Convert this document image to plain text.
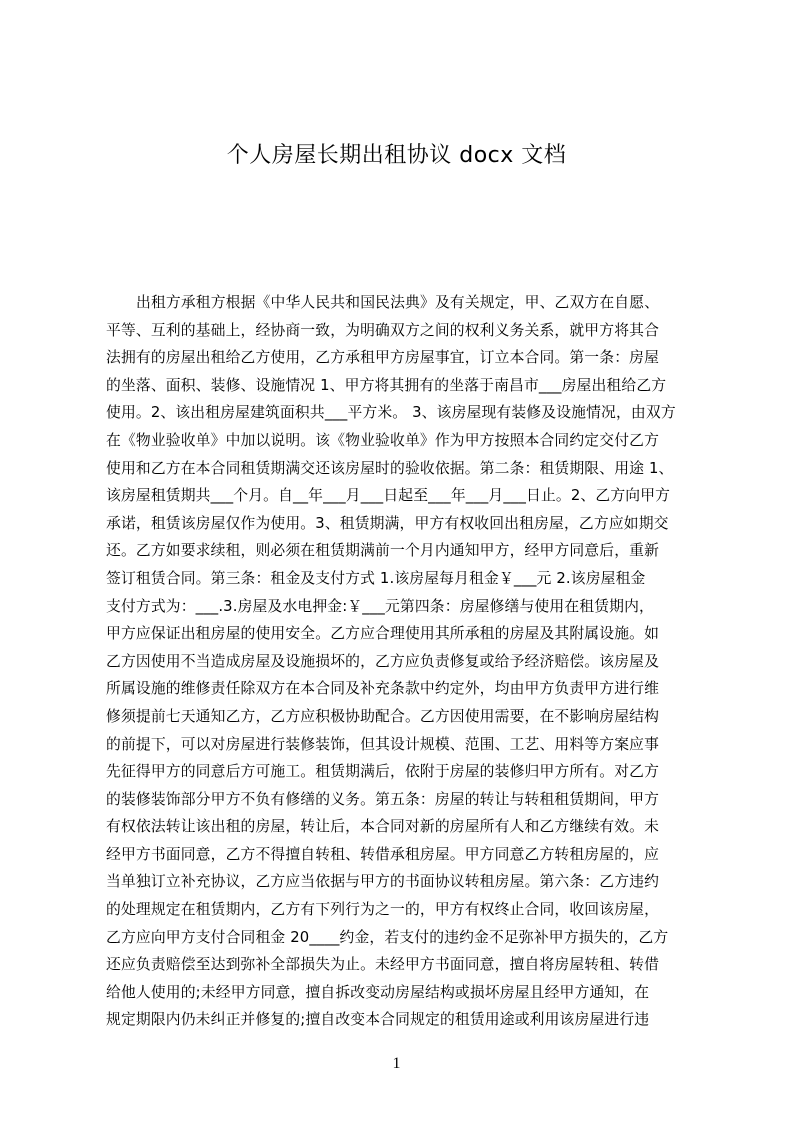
个人房屋长期出租协议 docx 文档
出租方承租方根据《中华人民共和国民法典》及有关规定，甲、乙双方在自愿、
平等、互利的基础上，经协商一致，为明确双方之间的权利义务关系，就甲方将其合
法拥有的房屋出租给乙方使用，乙方承租甲方房屋事宜，订立本合同。第一条：房屋
的坐落、面积、装修、设施情况 1、甲方将其拥有的坐落于南昌市___房屋出租给乙方
使用。2、该出租房屋建筑面积共___平方米。 3、该房屋现有装修及设施情况，由双方
在《物业验收单》中加以说明。该《物业验收单》作为甲方按照本合同约定交付乙方
使用和乙方在本合同租赁期满交还该房屋时的验收依据。第二条：租赁期限、用途 1、
该房屋租赁期共___个月。自__年___月___日起至___年___月___日止。2、乙方向甲方
承诺，租赁该房屋仅作为使用。3、租赁期满，甲方有权收回出租房屋，乙方应如期交
还。乙方如要求续租，则必须在租赁期满前一个月内通知甲方，经甲方同意后，重新
签订租赁合同。第三条：租金及支付方式 1.该房屋每月租金￥___元 2.该房屋租金
支付方式为：___.3.房屋及水电押金:￥___元第四条：房屋修缮与使用在租赁期内，
甲方应保证出租房屋的使用安全。乙方应合理使用其所承租的房屋及其附属设施。如
乙方因使用不当造成房屋及设施损坏的，乙方应负责修复或给予经济赔偿。该房屋及
所属设施的维修责任除双方在本合同及补充条款中约定外，均由甲方负责甲方进行维
修须提前七天通知乙方，乙方应积极协助配合。乙方因使用需要，在不影响房屋结构
的前提下，可以对房屋进行装修装饰，但其设计规模、范围、工艺、用料等方案应事
先征得甲方的同意后方可施工。租赁期满后，依附于房屋的装修归甲方所有。对乙方
的装修装饰部分甲方不负有修缮的义务。第五条：房屋的转让与转租租赁期间，甲方
有权依法转让该出租的房屋，转让后，本合同对新的房屋所有人和乙方继续有效。未
经甲方书面同意，乙方不得擅自转租、转借承租房屋。甲方同意乙方转租房屋的，应
当单独订立补充协议，乙方应当依据与甲方的书面协议转租房屋。第六条：乙方违约
的处理规定在租赁期内，乙方有下列行为之一的，甲方有权终止合同，收回该房屋，
乙方应向甲方支付合同租金 20____约金，若支付的违约金不足弥补甲方损失的，乙方
还应负责赔偿至达到弥补全部损失为止。未经甲方书面同意，擅自将房屋转租、转借
给他人使用的;未经甲方同意，擅自拆改变动房屋结构或损坏房屋且经甲方通知，在
规定期限内仍未纠正并修复的;擅自改变本合同规定的租赁用途或利用该房屋进行违
1
